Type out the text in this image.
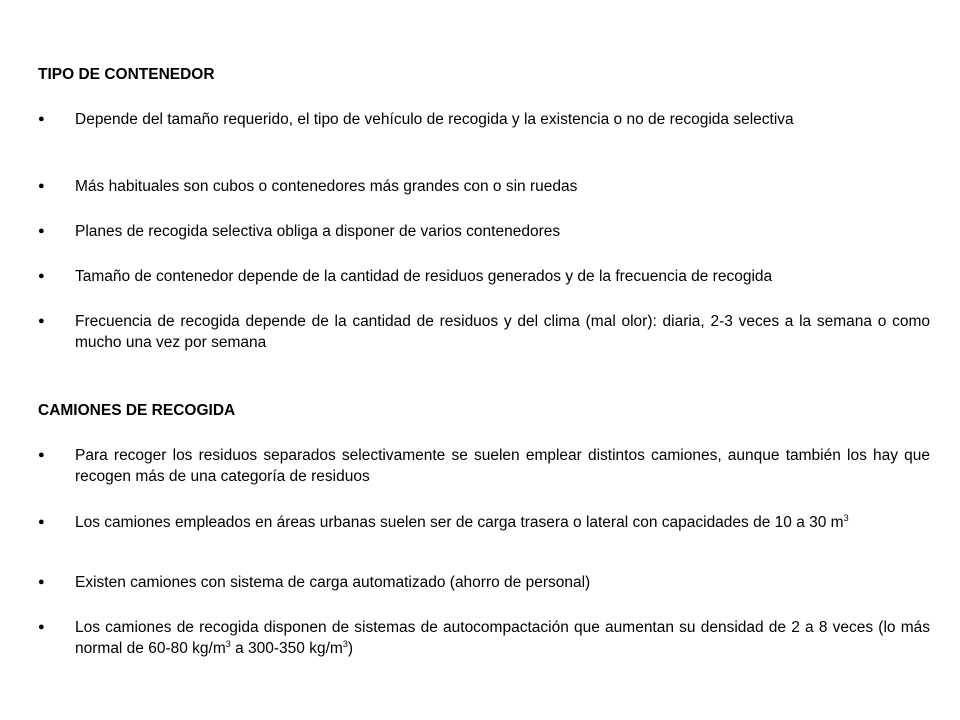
TIPO DE CONTENEDOR
●	Depende del tamaño requerido, el tipo de vehículo de recogida y la existencia o no de recogida selectiva
●	Más habituales son cubos o contenedores más grandes con o sin ruedas
●	Planes de recogida selectiva obliga a disponer de varios contenedores
●	Tamaño de contenedor depende de la cantidad de residuos generados y de la frecuencia de recogida
●	Frecuencia de recogida depende de la cantidad de residuos y del clima (mal olor): diaria, 2-3 veces a la semana o como mucho una vez por semana
CAMIONES DE RECOGIDA
●	Para recoger los residuos separados selectivamente se suelen emplear distintos camiones, aunque también los hay que recogen más de una categoría de residuos
●	Los camiones empleados en áreas urbanas suelen ser de carga trasera o lateral con capacidades de 10 a 30 $m^3$
●	Existen camiones con sistema de carga automatizado (ahorro de personal)
●	Los camiones de recogida disponen de sistemas de autocompactación que aumentan su densidad de 2 a 8 veces (lo más normal de 60-80 $kg/m^3$ a 300-350 $kg/m^3$)
